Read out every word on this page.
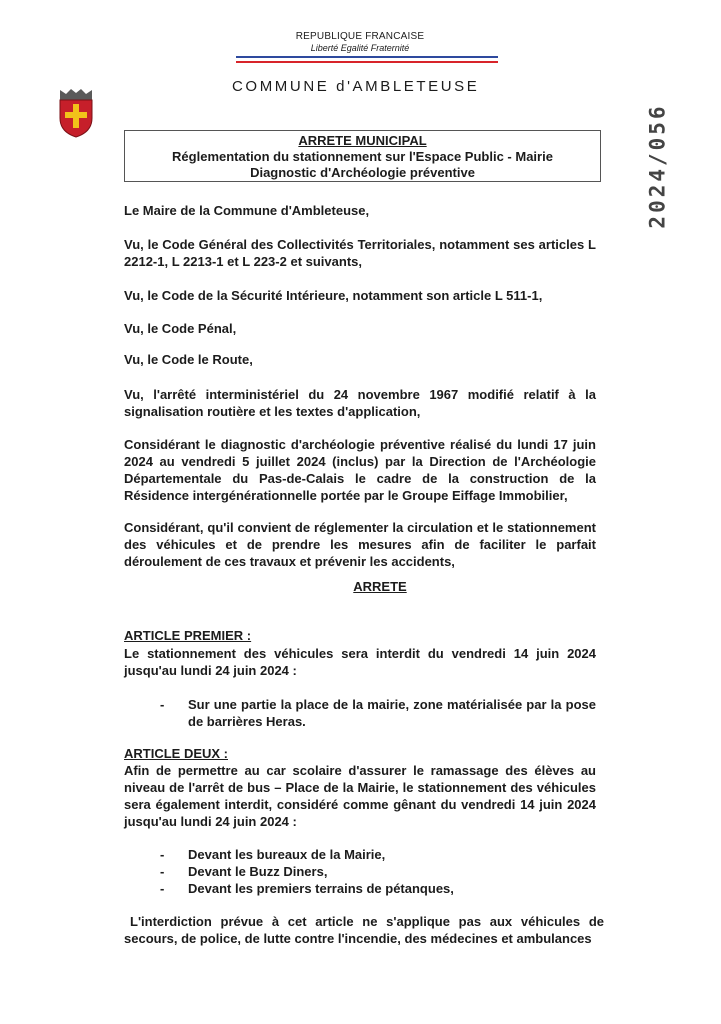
REPUBLIQUE FRANCAISE
Liberté Egalité Fraternité
COMMUNE d'AMBLETEUSE
2024/056
ARRETE MUNICIPAL
Réglementation du stationnement sur l'Espace Public - Mairie
Diagnostic d'Archéologie préventive

Le Maire de la Commune d'Ambleteuse,

Vu, le Code Général des Collectivités Territoriales, notamment ses articles L 2212-1, L 2213-1 et L 223-2 et suivants,

Vu, le Code de la Sécurité Intérieure, notamment son article L 511-1,

Vu, le Code Pénal,

Vu, le Code le Route,

Vu, l'arrêté interministériel du 24 novembre 1967 modifié relatif à la signalisation routière et les textes d'application,

Considérant le diagnostic d'archéologie préventive réalisé du lundi 17 juin 2024 au vendredi 5 juillet 2024 (inclus) par la Direction de l'Archéologie Départementale du Pas-de-Calais le cadre de la construction de la Résidence intergénérationnelle portée par le Groupe Eiffage Immobilier,

Considérant, qu'il convient de réglementer la circulation et le stationnement des véhicules et de prendre les mesures afin de faciliter le parfait déroulement de ces travaux et prévenir les accidents,

ARRETE
ARTICLE PREMIER :

Le stationnement des véhicules sera interdit du vendredi 14 juin 2024 jusqu'au lundi 24 juin 2024 :

- Sur une partie la place de la mairie, zone matérialisée par la pose de barrières Heras.
ARTICLE DEUX :

Afin de permettre au car scolaire d'assurer le ramassage des élèves au niveau de l'arrêt de bus – Place de la Mairie, le stationnement des véhicules sera également interdit, considéré comme gênant du vendredi 14 juin 2024 jusqu'au lundi 24 juin 2024 :

- Devant les bureaux de la Mairie,
- Devant le Buzz Diners,
- Devant les premiers terrains de pétanques,

L'interdiction prévue à cet article ne s'applique pas aux véhicules de secours, de police, de lutte contre l'incendie, des médecines et ambulances
